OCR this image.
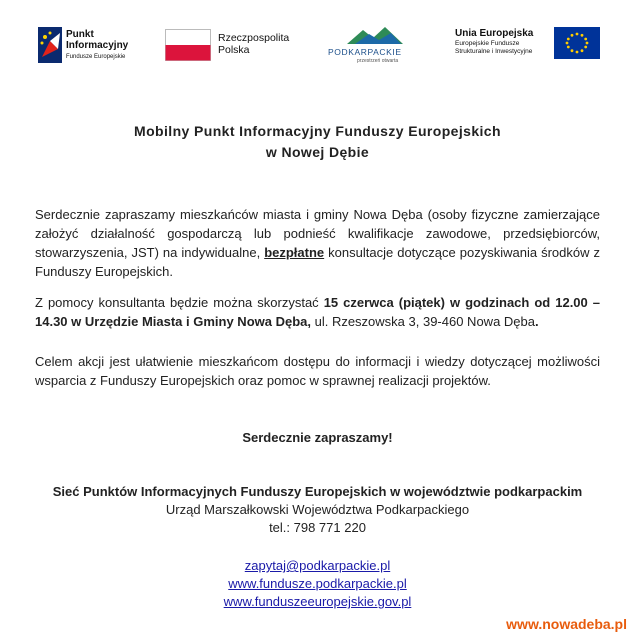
Punkt
Informacyjny
Fundusze Europejskie
Rzeczpospolita
Polska	PODKARPACKIE
przestrzeń otwarta
Unia Europejska
Europejskie Fundusze
Strukturalne i Inwestycyjne
Mobilny Punkt Informacyjny Funduszy Europejskich
w Nowej Dębie
Serdecznie zapraszamy mieszkańców miasta i gminy Nowa Dęba (osoby fizyczne zamierzające założyć działalność gospodarczą lub podnieść kwalifikacje zawodowe, przedsiębiorców, stowarzyszenia, JST) na indywidualne, bezpłatne konsultacje dotyczące pozyskiwania środków z Funduszy Europejskich.
Z pomocy konsultanta będzie można skorzystać 15 czerwca (piątek) w godzinach od 12.00 – 14.30 w Urzędzie Miasta i Gminy Nowa Dęba, ul. Rzeszowska 3, 39-460 Nowa Dęba.
Celem akcji jest ułatwienie mieszkańcom dostępu do informacji i wiedzy dotyczącej możliwości wsparcia z Funduszy Europejskich oraz pomoc w sprawnej realizacji projektów.
Serdecznie zapraszamy!
Sieć Punktów Informacyjnych Funduszy Europejskich w województwie podkarpackim
Urząd Marszałkowski Województwa Podkarpackiego
tel.: 798 771 220
zapytaj@podkarpackie.pl
www.fundusze.podkarpackie.pl
www.funduszeeuropejskie.gov.pl
www.nowadeba.pl
